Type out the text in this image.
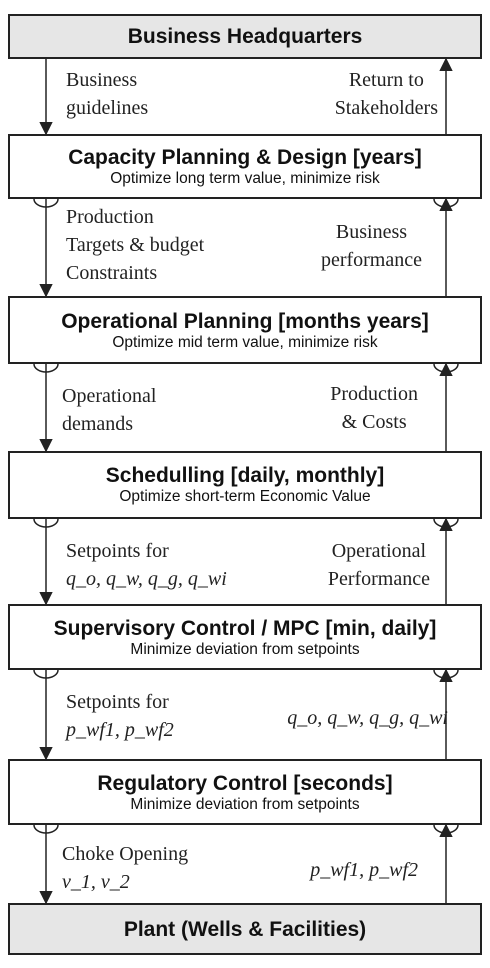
Business Headquarters
Capacity Planning & Design [years]
Optimize long term value, minimize risk
Operational Planning [months years]
Optimize mid term value, minimize risk
Schedulling [daily, monthly]
Optimize short-term Economic Value
Supervisory Control / MPC [min, daily]
Minimize deviation from setpoints
Regulatory Control [seconds]
Minimize deviation from setpoints
Plant (Wells & Facilities)
Business
guidelines
Production
Targets & budget
Constraints
Operational
demands
Setpoints for
q_o, q_w, q_g, q_wi
Setpoints for
p_wf1, p_wf2
Choke Opening
v_1, v_2
Return to
Stakeholders
Business
performance
Production
& Costs
Operational
Performance
q_o, q_w, q_g, q_wi
p_wf1, p_wf2
